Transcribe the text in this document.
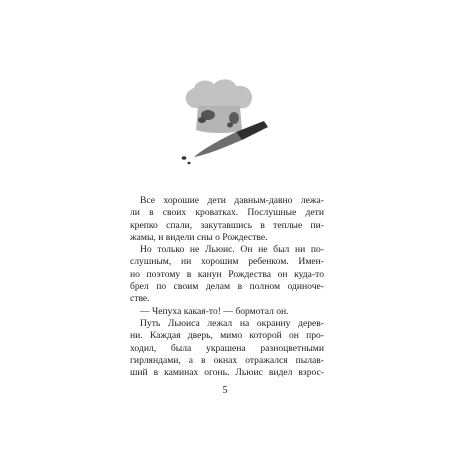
Все хорошие дети давным-давно лежа-

ли в своих кроватках. Послушные дети

крепко спали, закутавшись в теплые пи-

жамы, и видели сны о Рождестве.

Но только не Льюис. Он не был ни по-

слушным, ни хорошим ребенком. Имен-

но поэтому в канун Рождества он куда-то

брел по своим делам в полном одиноче-

стве.

— Чепуха какая-то! — бормотал он.

Путь Льюиса лежал на окраину дерев-

ни. Каждая дверь, мимо которой он про-

ходил, была украшена разноцветными

гирляндами, а в окнах отражался пылав-

ший в каминах огонь. Льюис видел взрос-

5
